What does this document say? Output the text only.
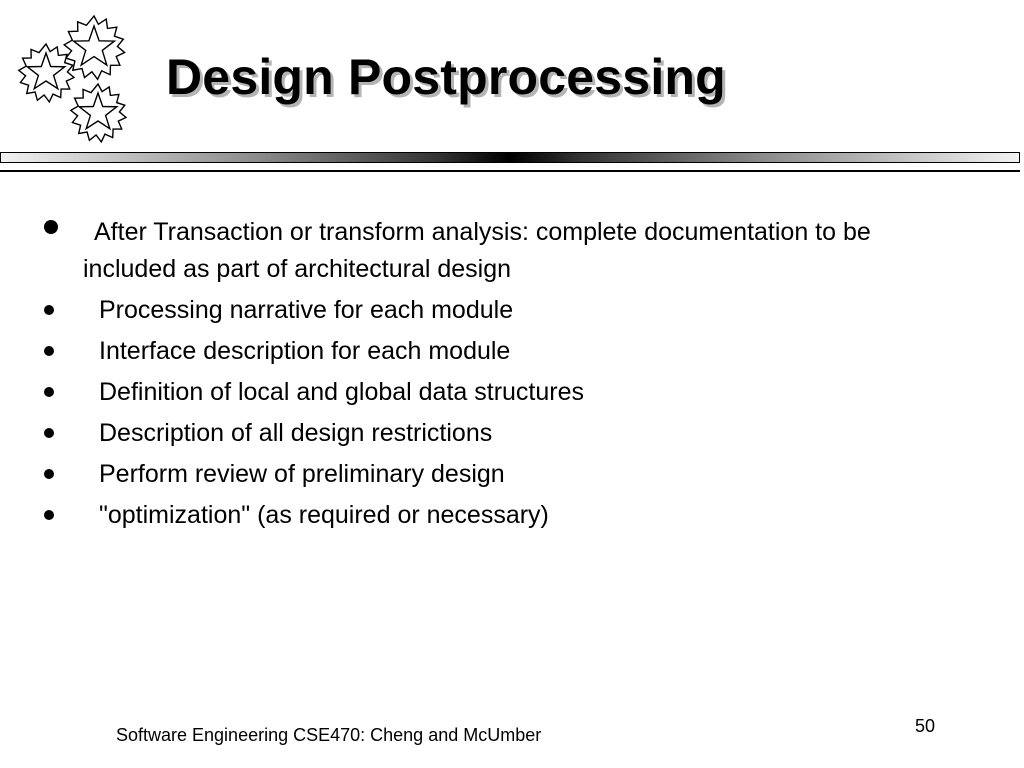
Design Postprocessing

After Transaction or transform analysis: complete documentation to be included as part of architectural design

Processing narrative for each module
Interface description for each module
Definition of local and global data structures
Description of all design restrictions
Perform review of preliminary design
"optimization" (as required or necessary)
Software Engineering CSE470: Cheng and McUmber	50
